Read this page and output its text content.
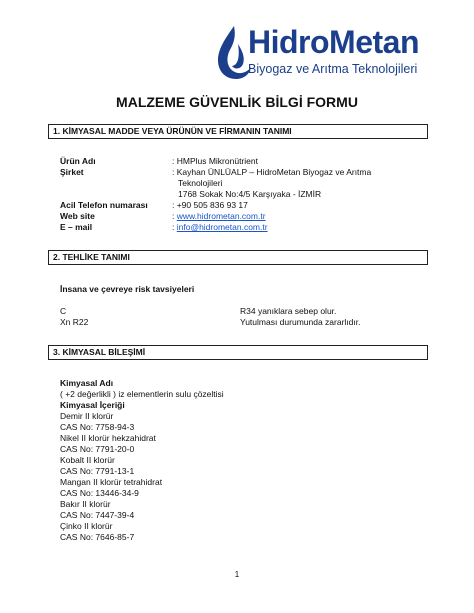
HidroMetan
Biyogaz ve Arıtma Teknolojileri
MALZEME GÜVENLİK BİLGİ FORMU
1. KİMYASAL MADDE VEYA ÜRÜNÜN VE FİRMANIN TANIMI
Ürün Adı	: HMPlus Mikronütrient
Şirket	: Kayhan ÜNLÜALP – HidroMetan Biyogaz ve Arıtma
Teknolojileri
1768 Sokak No:4/5 Karşıyaka - İZMİR
Acil Telefon numarası	: +90 505 836 93 17
Web site	: www.hidrometan.com.tr
E – mail	: info@hidrometan.com.tr
2. TEHLİKE TANIMI
İnsana ve çevreye risk tavsiyeleri
C	R34 yanıklara sebep olur.
Xn R22	Yutulması durumunda zararlıdır.
3. KİMYASAL BİLEŞİMİ
Kimyasal Adı
( +2 değerlikli ) iz elementlerin sulu çözeltisi
Kimyasal İçeriği
Demir II klorür
CAS No: 7758-94-3
Nikel II klorür hekzahidrat
CAS No: 7791-20-0
Kobalt II klorür
CAS No: 7791-13-1
Mangan II klorür tetrahidrat
CAS No: 13446-34-9
Bakır II klorür
CAS No: 7447-39-4
Çinko II klorür
CAS No: 7646-85-7
1
